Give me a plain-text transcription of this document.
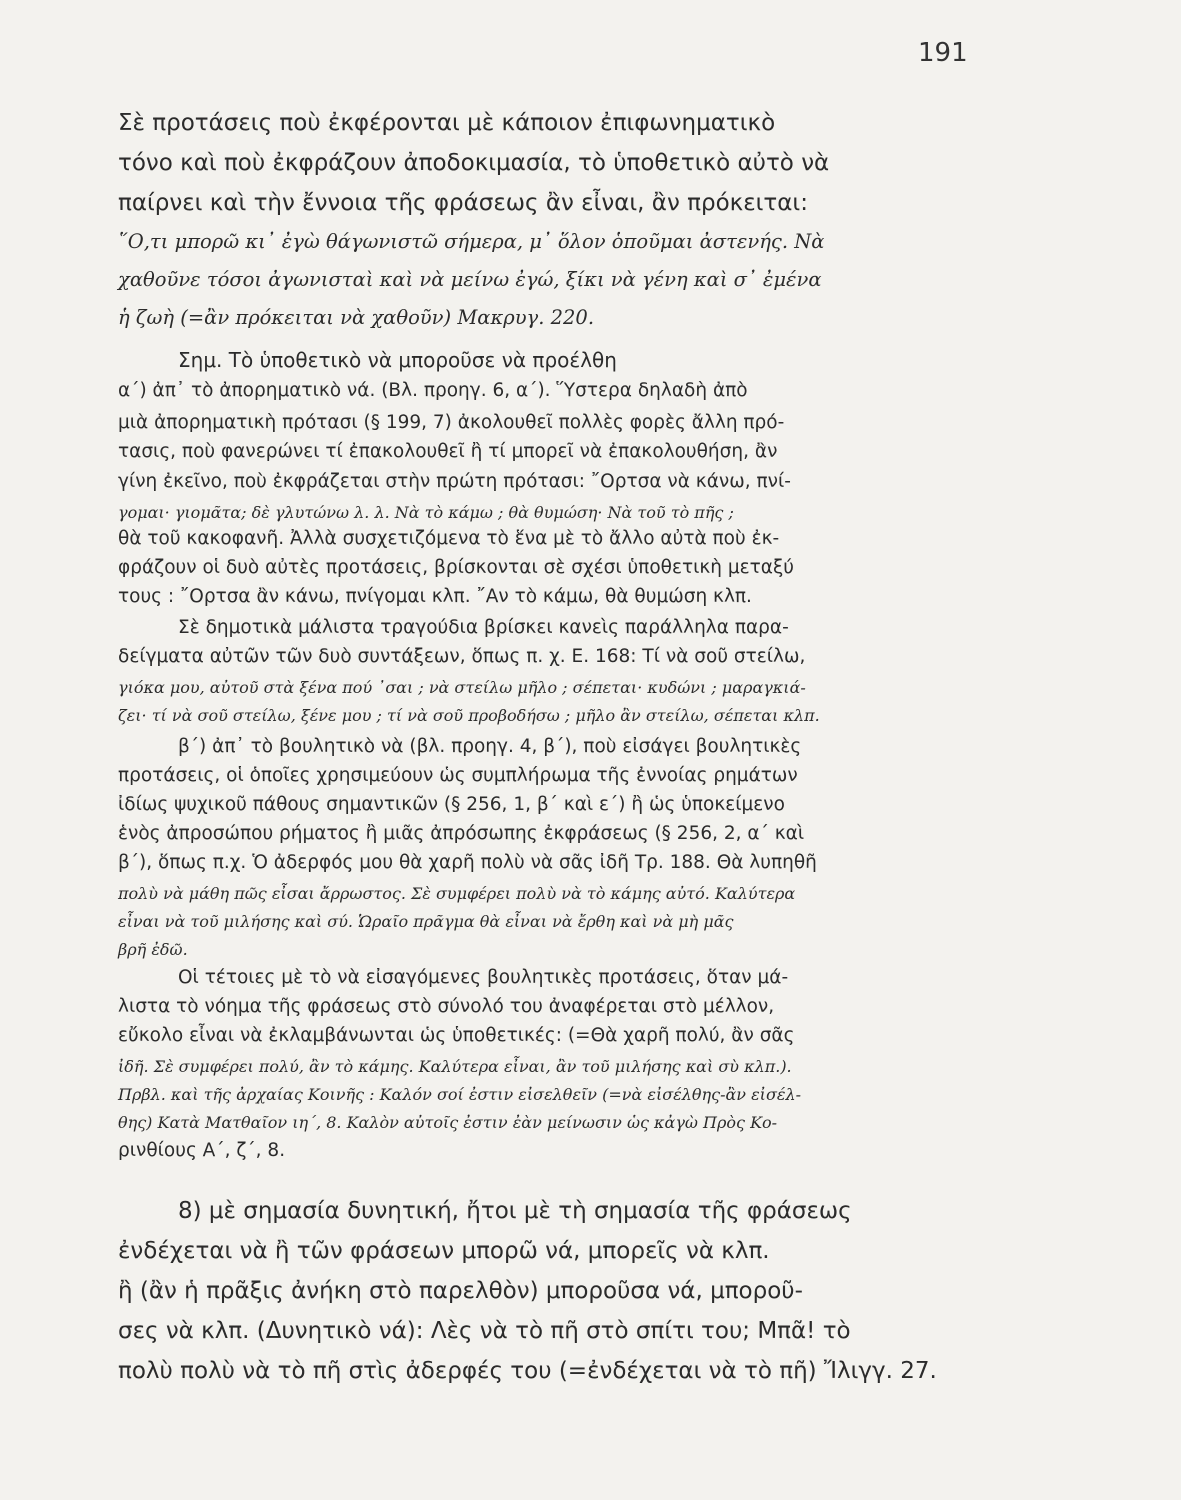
191
Σὲ προτάσεις ποὺ ἐκφέρονται μὲ κάποιον ἐπιφωνηματικὸ
τόνο καὶ ποὺ ἐκφράζουν ἀποδοκιμασία, τὸ ὑποθετικὸ αὐτὸ νὰ
παίρνει καὶ τὴν ἔννοια τῆς φράσεως ἂν εἶναι, ἂν πρόκειται:
῞Ο,τι μπορῶ κι᾿ ἐγὼ θάγωνιστῶ σήμερα, μ᾿ ὅλον ὁποῦμαι ἀστενής. Νὰ
χαθοῦνε τόσοι ἀγωνισταὶ καὶ νὰ μείνω ἐγώ, ξίκι νὰ γένη καὶ σ᾿ ἐμένα
ἡ ζωὴ (=ἂν πρόκειται νὰ χαθοῦν) Μακρυγ. 220.
Σημ. Τὸ ὑποθετικὸ νὰ μποροῦσε νὰ προέλθη
α΄) ἀπ᾿ τὸ ἀπορηματικὸ νά. (Βλ. προηγ. 6, α΄). Ὕστερα δηλαδὴ ἀπὸ
μιὰ ἀπορηματικὴ πρότασι (§ 199, 7) ἀκολουθεῖ πολλὲς φορὲς ἄλλη πρό-
τασις, ποὺ φανερώνει τί ἐπακολουθεῖ ἢ τί μπορεῖ νὰ ἐπακολουθήση, ἂν
γίνη ἐκεῖνο, ποὺ ἐκφράζεται στὴν πρώτη πρότασι: ῎Ορτσα νὰ κάνω, πνί-
γομαι· γιομᾶτα; δὲ γλυτώνω λ. λ. Νὰ τὸ κάμω ; θὰ θυμώση· Νὰ τοῦ τὸ πῆς ;
θὰ τοῦ κακοφανῆ. Ἀλλὰ συσχετιζόμενα τὸ ἕνα μὲ τὸ ἄλλο αὐτὰ ποὺ ἐκ-
φράζουν οἱ δυὸ αὐτὲς προτάσεις, βρίσκονται σὲ σχέσι ὑποθετικὴ μεταξύ
τους : ῎Ορτσα ἂν κάνω, πνίγομαι κλπ. ῎Αν τὸ κάμω, θὰ θυμώση κλπ.
Σὲ δημοτικὰ μάλιστα τραγούδια βρίσκει κανεὶς παράλληλα παρα-
δείγματα αὐτῶν τῶν δυὸ συντάξεων, ὅπως π. χ. Ε. 168: Τί νὰ σοῦ στείλω,
γιόκα μου, αὐτοῦ στὰ ξένα πού ᾿σαι ; νὰ στείλω μῆλο ; σέπεται· κυδώνι ; μαραγκιά-
ζει· τί νὰ σοῦ στείλω, ξένε μου ; τί νὰ σοῦ προβοδήσω ; μῆλο ἂν στείλω, σέπεται κλπ.
β΄) ἀπ᾿ τὸ βουλητικὸ νὰ (βλ. προηγ. 4, β΄), ποὺ εἰσάγει βουλητικὲς
προτάσεις, οἱ ὁποῖες χρησιμεύουν ὡς συμπλήρωμα τῆς ἐννοίας ρημάτων
ἰδίως ψυχικοῦ πάθους σημαντικῶν (§ 256, 1, β΄ καὶ ε΄) ἢ ὡς ὑποκείμενο
ἑνὸς ἀπροσώπου ρήματος ἢ μιᾶς ἀπρόσωπης ἐκφράσεως (§ 256, 2, α΄ καὶ
β΄), ὅπως π.χ. Ὁ ἀδερφός μου θὰ χαρῆ πολὺ νὰ σᾶς ἰδῆ Τρ. 188. Θὰ λυπηθῆ
πολὺ νὰ μάθη πῶς εἶσαι ἄρρωστος. Σὲ συμφέρει πολὺ νὰ τὸ κάμης αὐτό. Καλύτερα
εἶναι νὰ τοῦ μιλήσης καὶ σύ. Ὡραῖο πρᾶγμα θὰ εἶναι νὰ ἔρθη καὶ νὰ μὴ μᾶς
βρῆ ἐδῶ.
Οἱ τέτοιες μὲ τὸ νὰ εἰσαγόμενες βουλητικὲς προτάσεις, ὅταν μά-
λιστα τὸ νόημα τῆς φράσεως στὸ σύνολό του ἀναφέρεται στὸ μέλλον,
εὔκολο εἶναι νὰ ἐκλαμβάνωνται ὡς ὑποθετικές: (=Θὰ χαρῆ πολύ, ἂν σᾶς
ἰδῆ. Σὲ συμφέρει πολύ, ἂν τὸ κάμης. Καλύτερα εἶναι, ἂν τοῦ μιλήσης καὶ σὺ κλπ.).
Πρβλ. καὶ τῆς ἀρχαίας Κοινῆς : Καλόν σοί ἐστιν εἰσελθεῖν (=νὰ εἰσέλθης-ἂν εἰσέλ-
θης) Κατὰ Ματθαῖον ιη΄, 8. Καλὸν αὐτοῖς ἐστιν ἐὰν μείνωσιν ὡς κἀγὼ Πρὸς Κο-
ρινθίους Α΄, ζ΄, 8.
8) μὲ σημασία δυνητική, ἤτοι μὲ τὴ σημασία τῆς φράσεως
ἐνδέχεται νὰ ἢ τῶν φράσεων μπορῶ νά, μπορεῖς νὰ κλπ.
ἢ (ἂν ἡ πρᾶξις ἀνήκη στὸ παρελθὸν) μποροῦσα νά, μποροῦ-
σες νὰ κλπ. (Δυνητικὸ νά): Λὲς νὰ τὸ πῆ στὸ σπίτι του; Μπᾶ! τὸ
πολὺ πολὺ νὰ τὸ πῆ στὶς ἀδερφές του (=ἐνδέχεται νὰ τὸ πῆ) Ἴλιγγ. 27.
